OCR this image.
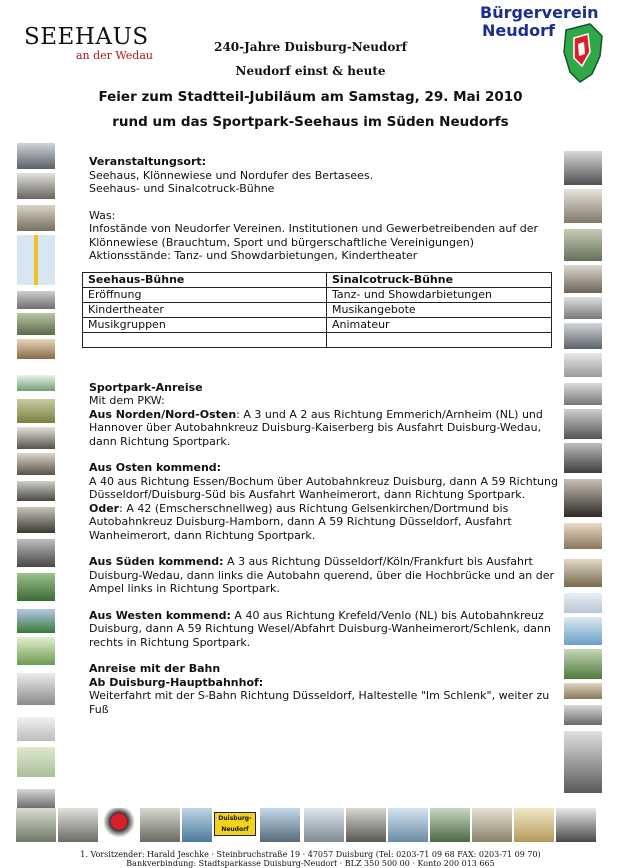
SEEHAUS
an der Wedau
Bürgerverein
Neudorf
240-Jahre Duisburg-Neudorf
Neudorf einst & heute
Feier zum Stadtteil-Jubiläum am Samstag, 29. Mai 2010
rund um das Sportpark-Seehaus im Süden Neudorfs

Veranstaltungsort:

Seehaus, Klönnewiese und Nordufer des Bertasees.

Seehaus- und Sinalcotruck-Bühne

Was:

Infostände von Neudorfer Vereinen. Institutionen und Gewerbetreibenden auf der Klönnewiese (Brauchtum, Sport und bürgerschaftliche Vereinigungen)

Aktionsstände: Tanz- und Showdarbietungen, Kindertheater

Seehaus-Bühne	Sinalcotruck-Bühne
Eröffnung	Tanz- und Showdarbietungen
Kindertheater	Musikangebote
Musikgruppen	Animateur

Sportpark-Anreise

Mit dem PKW:

Aus Norden/Nord-Osten: A 3 und A 2 aus Richtung Emmerich/Arnheim (NL) und Hannover über Autobahnkreuz Duisburg-Kaiserberg bis Ausfahrt Duisburg-Wedau, dann Richtung Sportpark.

Aus Osten kommend:

A 40 aus Richtung Essen/Bochum über Autobahnkreuz Duisburg, dann A 59 Richtung Düsseldorf/Duisburg-Süd bis Ausfahrt Wanheimerort, dann Richtung Sportpark.

Oder: A 42 (Emscherschnellweg) aus Richtung Gelsenkirchen/Dortmund bis Autobahnkreuz Duisburg-Hamborn, dann A 59 Richtung Düsseldorf, Ausfahrt Wanheimerort, dann Richtung Sportpark.

Aus Süden kommend: A 3 aus Richtung Düsseldorf/Köln/Frankfurt bis Ausfahrt Duisburg-Wedau, dann links die Autobahn querend, über die Hochbrücke und an der Ampel links in Richtung Sportpark.

Aus Westen kommend: A 40 aus Richtung Krefeld/Venlo (NL) bis Autobahnkreuz Duisburg, dann A 59 Richtung Wesel/Abfahrt Duisburg-Wanheimerort/Schlenk, dann rechts in Richtung Sportpark.

Anreise mit der Bahn

Ab Duisburg-Hauptbahnhof:

Weiterfahrt mit der S-Bahn Richtung Düsseldorf, Haltestelle "Im Schlenk", weiter zu Fuß

Duisburg-Neudorf
1. Vorsitzender: Harald Jeschke · Steinbruchstraße 19 · 47057 Duisburg (Tel: 0203-71 09 68 FAX: 0203-71 09 70)
Bankverbindung: Stadtsparkasse Duisburg-Neudorf · BLZ 350 500 00 · Konto 200 013 665
